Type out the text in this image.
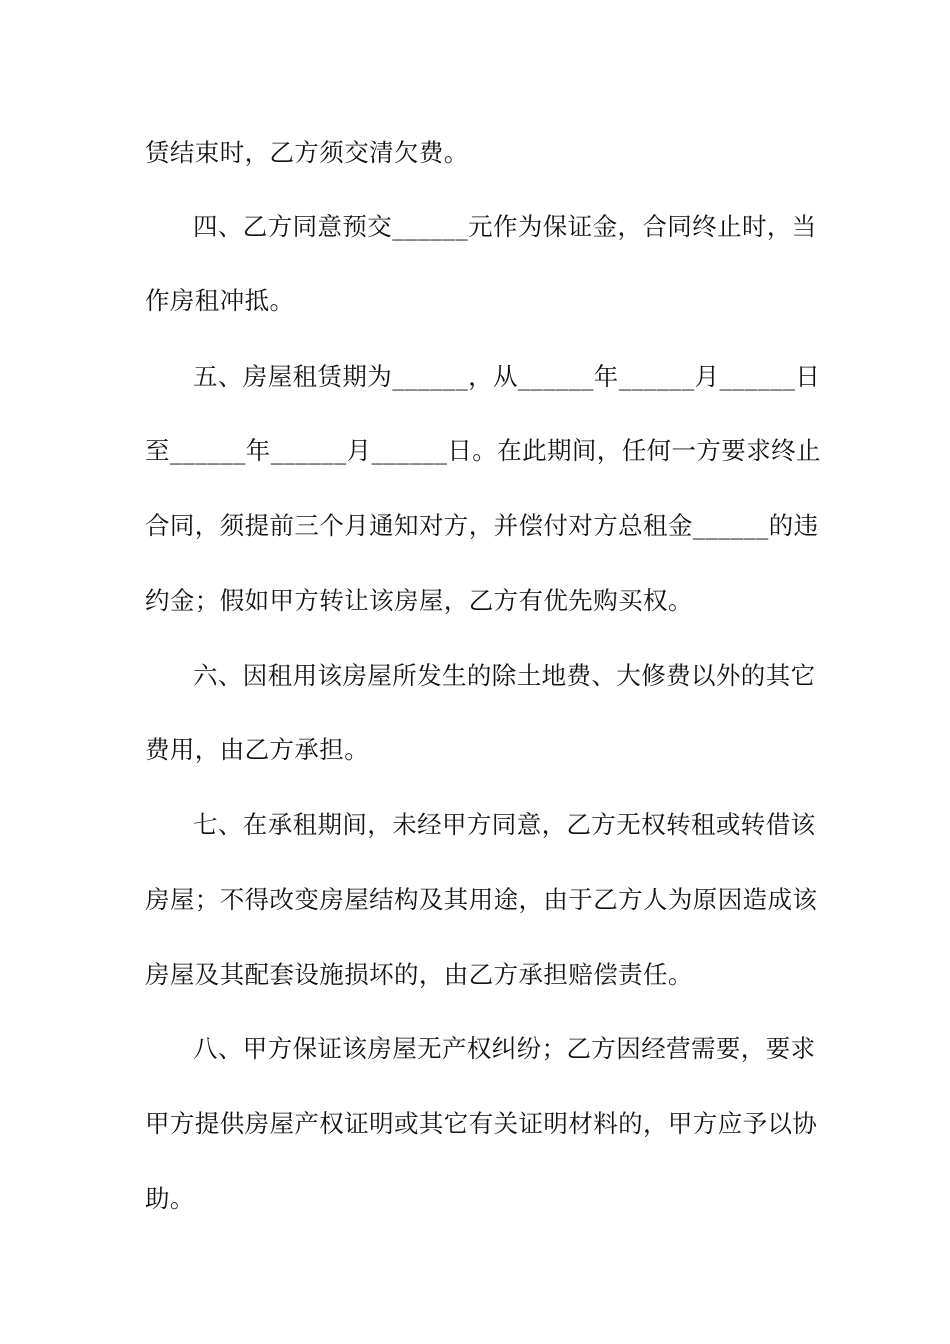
赁结束时，乙方须交清欠费。
四、乙方同意预交______元作为保证金，合同终止时，当
作房租冲抵。
五、房屋租赁期为______，从______年______月______日
至______年______月______日。在此期间，任何一方要求终止
合同，须提前三个月通知对方，并偿付对方总租金______的违
约金；假如甲方转让该房屋，乙方有优先购买权。
六、因租用该房屋所发生的除土地费、大修费以外的其它
费用，由乙方承担。
七、在承租期间，未经甲方同意，乙方无权转租或转借该
房屋；不得改变房屋结构及其用途，由于乙方人为原因造成该
房屋及其配套设施损坏的，由乙方承担赔偿责任。
八、甲方保证该房屋无产权纠纷；乙方因经营需要，要求
甲方提供房屋产权证明或其它有关证明材料的，甲方应予以协
助。
